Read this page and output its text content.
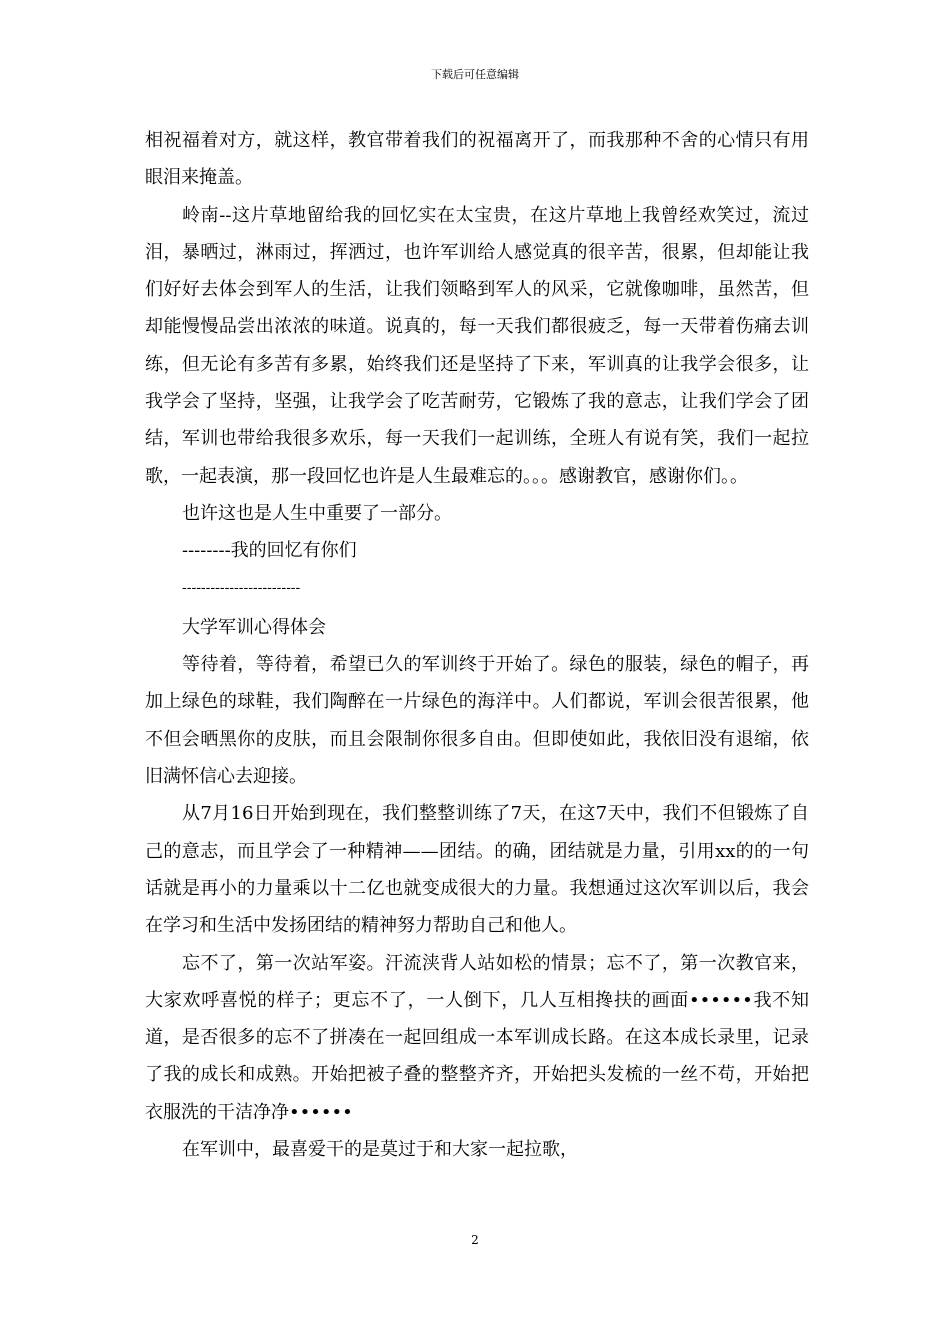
下载后可任意编辑

相祝福着对方，就这样，教官带着我们的祝福离开了，而我那种不舍的心情只有用眼泪来掩盖。

岭南--这片草地留给我的回忆实在太宝贵，在这片草地上我曾经欢笑过，流过泪，暴晒过，淋雨过，挥洒过，也许军训给人感觉真的很辛苦，很累，但却能让我们好好去体会到军人的生活，让我们领略到军人的风采，它就像咖啡，虽然苦，但却能慢慢品尝出浓浓的味道。说真的，每一天我们都很疲乏，每一天带着伤痛去训练，但无论有多苦有多累，始终我们还是坚持了下来，军训真的让我学会很多，让我学会了坚持，坚强，让我学会了吃苦耐劳，它锻炼了我的意志，让我们学会了团结，军训也带给我很多欢乐，每一天我们一起训练，全班人有说有笑，我们一起拉歌，一起表演，那一段回忆也许是人生最难忘的。。。感谢教官，感谢你们。。

也许这也是人生中重要了一部分。

--------我的回忆有你们

-------------------------

大学军训心得体会

等待着，等待着，希望已久的军训终于开始了。绿色的服装，绿色的帽子，再加上绿色的球鞋，我们陶醉在一片绿色的海洋中。人们都说，军训会很苦很累，他不但会晒黑你的皮肤，而且会限制你很多自由。但即使如此，我依旧没有退缩，依旧满怀信心去迎接。

从7月16日开始到现在，我们整整训练了7天，在这7天中，我们不但锻炼了自己的意志，而且学会了一种精神——团结。的确，团结就是力量，引用xx的的一句话就是再小的力量乘以十二亿也就变成很大的力量。我想通过这次军训以后，我会在学习和生活中发扬团结的精神努力帮助自己和他人。

忘不了，第一次站军姿。汗流浃背人站如松的情景；忘不了，第一次教官来，大家欢呼喜悦的样子；更忘不了，一人倒下，几人互相搀扶的画面••••••我不知道，是否很多的忘不了拼凑在一起回组成一本军训成长路。在这本成长录里，记录了我的成长和成熟。开始把被子叠的整整齐齐，开始把头发梳的一丝不苟，开始把衣服洗的干洁净净••••••

在军训中，最喜爱干的是莫过于和大家一起拉歌，

2
